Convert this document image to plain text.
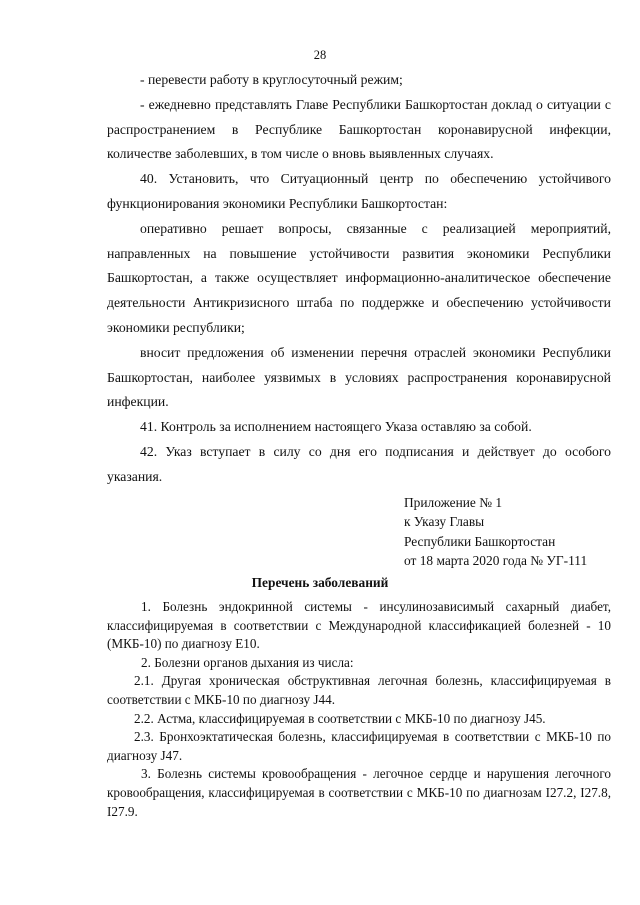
28

- перевести работу в круглосуточный режим;

- ежедневно представлять Главе Республики Башкортостан доклад о ситуации с распространением в Республике Башкортостан коронавирусной инфекции, количестве заболевших, в том числе о вновь выявленных случаях.

40. Установить, что Ситуационный центр по обеспечению устойчивого функционирования экономики Республики Башкортостан:

оперативно решает вопросы, связанные с реализацией мероприятий, направленных на повышение устойчивости развития экономики Республики Башкортостан, а также осуществляет информационно-аналитическое обеспечение деятельности Антикризисного штаба по поддержке и обеспечению устойчивости экономики республики;

вносит предложения об изменении перечня отраслей экономики Республики Башкортостан, наиболее уязвимых в условиях распространения коронавирусной инфекции.

41. Контроль за исполнением настоящего Указа оставляю за собой.

42. Указ вступает в силу со дня его подписания и действует до особого указания.

Приложение № 1
к Указу Главы
Республики Башкортостан
от 18 марта 2020 года № УГ-111
Перечень заболеваний

1. Болезнь эндокринной системы - инсулинозависимый сахарный диабет, классифицируемая в соответствии с Международной классификацией болезней - 10 (МКБ-10) по диагнозу Е10.

2. Болезни органов дыхания из числа:

2.1. Другая хроническая обструктивная легочная болезнь, классифицируемая в соответствии с МКБ-10 по диагнозу J44.

2.2. Астма, классифицируемая в соответствии с МКБ-10 по диагнозу J45.

2.3. Бронхоэктатическая болезнь, классифицируемая в соответствии с МКБ-10 по диагнозу J47.

3. Болезнь системы кровообращения - легочное сердце и нарушения легочного кровообращения, классифицируемая в соответствии с МКБ-10 по диагнозам I27.2, I27.8, I27.9.
